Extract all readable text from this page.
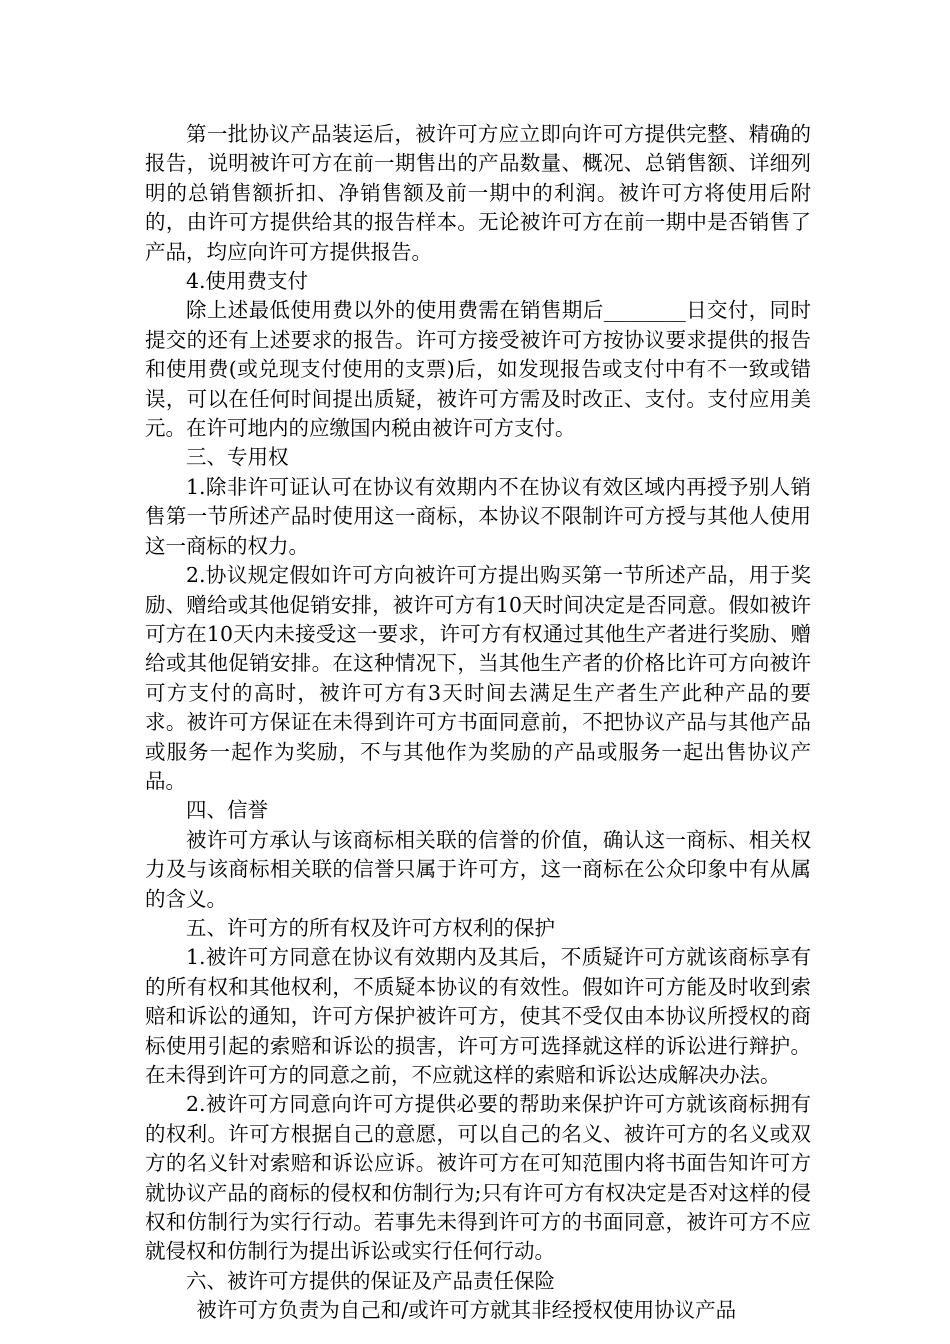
第一批协议产品装运后，被许可方应立即向许可方提供完整、精确的报告，说明被许可方在前一期售出的产品数量、概况、总销售额、详细列明的总销售额折扣、净销售额及前一期中的利润。被许可方将使用后附的，由许可方提供给其的报告样本。无论被许可方在前一期中是否销售了产品，均应向许可方提供报告。

4.使用费支付

除上述最低使用费以外的使用费需在销售期后________日交付，同时提交的还有上述要求的报告。许可方接受被许可方按协议要求提供的报告和使用费(或兑现支付使用的支票)后，如发现报告或支付中有不一致或错误，可以在任何时间提出质疑，被许可方需及时改正、支付。支付应用美元。在许可地内的应缴国内税由被许可方支付。

三、专用权

1.除非许可证认可在协议有效期内不在协议有效区域内再授予别人销售第一节所述产品时使用这一商标，本协议不限制许可方授与其他人使用这一商标的权力。

2.协议规定假如许可方向被许可方提出购买第一节所述产品，用于奖励、赠给或其他促销安排，被许可方有10天时间决定是否同意。假如被许可方在10天内未接受这一要求，许可方有权通过其他生产者进行奖励、赠给或其他促销安排。在这种情况下，当其他生产者的价格比许可方向被许可方支付的高时，被许可方有3天时间去满足生产者生产此种产品的要求。被许可方保证在未得到许可方书面同意前，不把协议产品与其他产品或服务一起作为奖励，不与其他作为奖励的产品或服务一起出售协议产品。

四、信誉

被许可方承认与该商标相关联的信誉的价值，确认这一商标、相关权力及与该商标相关联的信誉只属于许可方，这一商标在公众印象中有从属的含义。

五、许可方的所有权及许可方权利的保护

1.被许可方同意在协议有效期内及其后，不质疑许可方就该商标享有的所有权和其他权利，不质疑本协议的有效性。假如许可方能及时收到索赔和诉讼的通知，许可方保护被许可方，使其不受仅由本协议所授权的商标使用引起的索赔和诉讼的损害，许可方可选择就这样的诉讼进行辩护。在未得到许可方的同意之前，不应就这样的索赔和诉讼达成解决办法。

2.被许可方同意向许可方提供必要的帮助来保护许可方就该商标拥有的权利。许可方根据自己的意愿，可以自己的名义、被许可方的名义或双方的名义针对索赔和诉讼应诉。被许可方在可知范围内将书面告知许可方就协议产品的商标的侵权和仿制行为;只有许可方有权决定是否对这样的侵权和仿制行为实行行动。若事先未得到许可方的书面同意，被许可方不应就侵权和仿制行为提出诉讼或实行任何行动。

六、被许可方提供的保证及产品责任保险

被许可方负责为自己和/或许可方就其非经授权使用协议产品
